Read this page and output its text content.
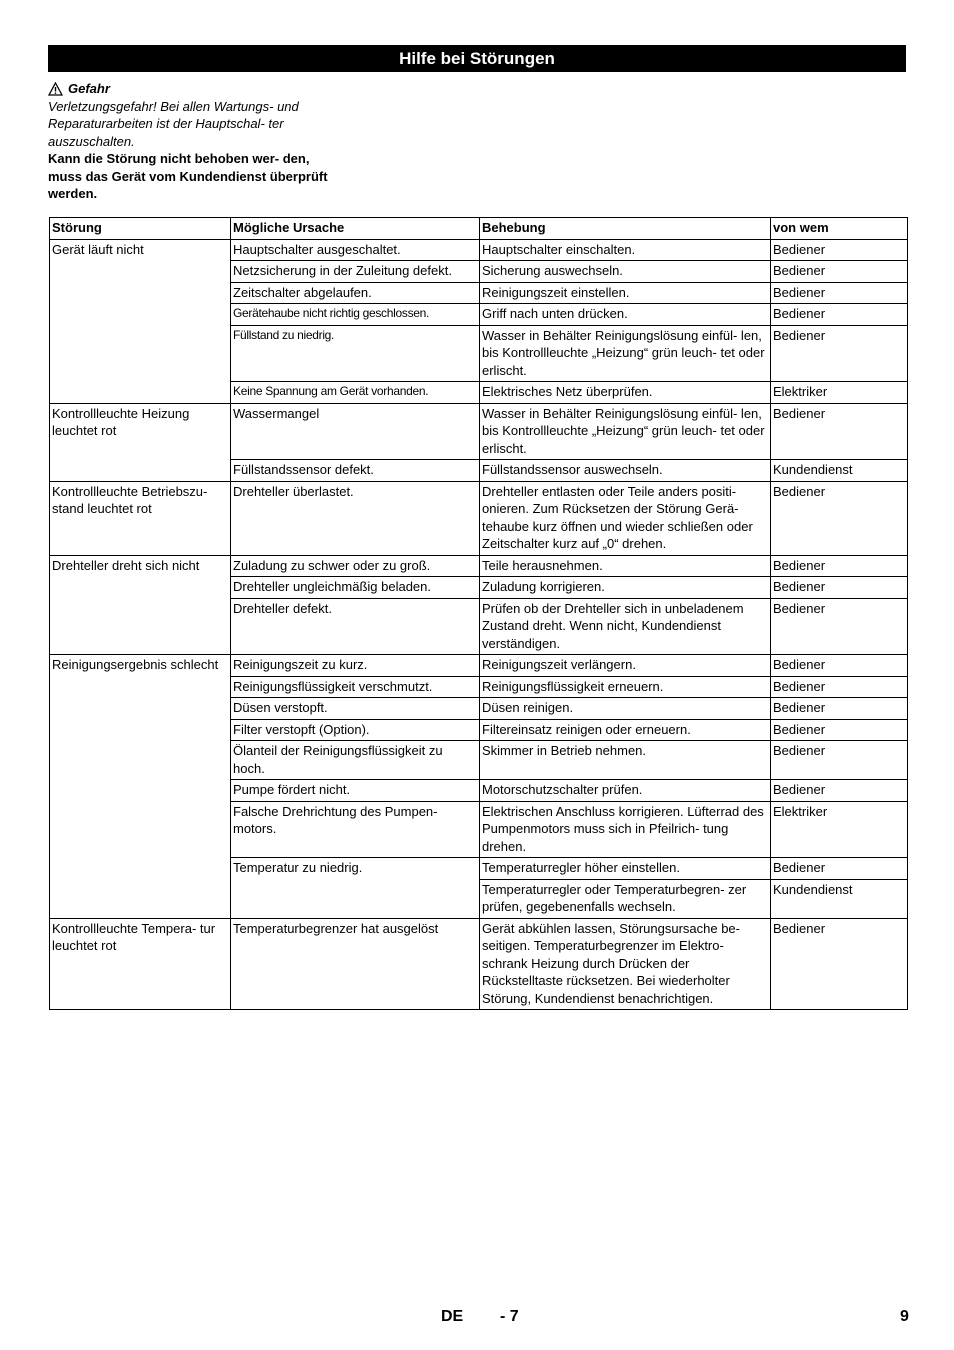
Hilfe bei Störungen
Gefahr
Verletzungsgefahr! Bei allen Wartungs- und Reparaturarbeiten ist der Hauptschal- ter auszuschalten.
Kann die Störung nicht behoben wer- den, muss das Gerät vom Kundendienst überprüft werden.
Störung	Mögliche Ursache	Behebung	von wem
Gerät läuft nicht	Hauptschalter ausgeschaltet.	Hauptschalter einschalten.	Bediener
	Netzsicherung in der Zuleitung defekt.	Sicherung auswechseln.	Bediener
	Zeitschalter abgelaufen.	Reinigungszeit einstellen.	Bediener
	Gerätehaube nicht richtig geschlossen.	Griff nach unten drücken.	Bediener
	Füllstand zu niedrig.	Wasser in Behälter Reinigungslösung einfül- len, bis Kontrollleuchte „Heizung“ grün leuch- tet oder erlischt.	Bediener
	Keine Spannung am Gerät vorhanden.	Elektrisches Netz überprüfen.	Elektriker
Kontrollleuchte Heizung leuchtet rot	Wassermangel	Wasser in Behälter Reinigungslösung einfül- len, bis Kontrollleuchte „Heizung“ grün leuch- tet oder erlischt.	Bediener
	Füllstandssensor defekt.	Füllstandssensor auswechseln.	Kundendienst
Kontrollleuchte Betriebszu- stand leuchtet rot	Drehteller überlastet.	Drehteller entlasten oder Teile anders positi- onieren. Zum Rücksetzen der Störung Gerä- tehaube kurz öffnen und wieder schließen oder Zeitschalter kurz auf „0“ drehen.	Bediener
Drehteller dreht sich nicht	Zuladung zu schwer oder zu groß.	Teile herausnehmen.	Bediener
	Drehteller ungleichmäßig beladen.	Zuladung korrigieren.	Bediener
	Drehteller defekt.	Prüfen ob der Drehteller sich in unbeladenem Zustand dreht. Wenn nicht, Kundendienst verständigen.	Bediener
Reinigungsergebnis schlecht	Reinigungszeit zu kurz.	Reinigungszeit verlängern.	Bediener
	Reinigungsflüssigkeit verschmutzt.	Reinigungsflüssigkeit erneuern.	Bediener
	Düsen verstopft.	Düsen reinigen.	Bediener
	Filter verstopft (Option).	Filtereinsatz reinigen oder erneuern.	Bediener
	Ölanteil der Reinigungsflüssigkeit zu hoch.	Skimmer in Betrieb nehmen.	Bediener
	Pumpe fördert nicht.	Motorschutzschalter prüfen.	Bediener
	Falsche Drehrichtung des Pumpen- motors.	Elektrischen Anschluss korrigieren. Lüfterrad des Pumpenmotors muss sich in Pfeilrich- tung drehen.	Elektriker
	Temperatur zu niedrig.	Temperaturregler höher einstellen.	Bediener
		Temperaturregler oder Temperaturbegren- zer prüfen, gegebenenfalls wechseln.	Kundendienst
Kontrollleuchte Tempera- tur leuchtet rot	Temperaturbegrenzer hat ausgelöst	Gerät abkühlen lassen, Störungsursache be- seitigen. Temperaturbegrenzer im Elektro- schrank Heizung durch Drücken der Rückstelltaste rücksetzen. Bei wiederholter Störung, Kundendienst benachrichtigen.	Bediener
DE - 7	9
